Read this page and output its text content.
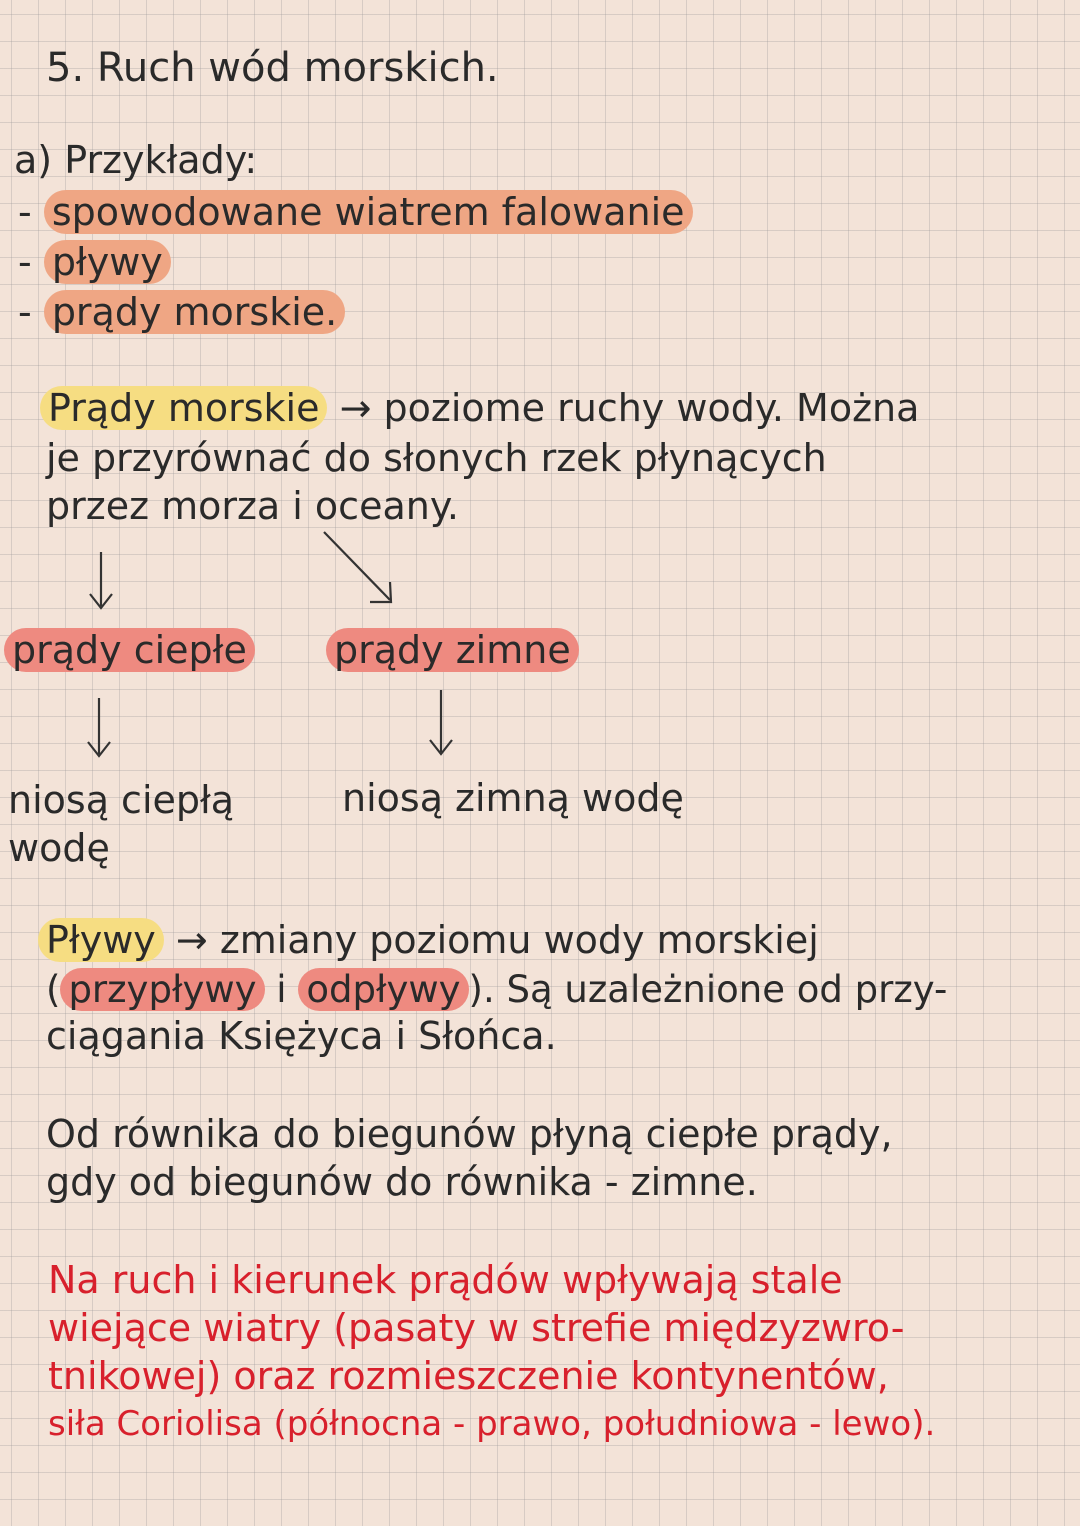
5. Ruch wód morskich.
a) Przykłady:
- spowodowane wiatrem falowanie
- pływy
- prądy morskie.
Prądy morskie → poziome ruchy wody. Można
je przyrównać do słonych rzek płynących
przez morza i oceany.
prądy ciepłe prądy zimne
niosą ciepłą
wodę
niosą zimną wodę
Pływy → zmiany poziomu wody morskiej
( przypływy i odpływy ). Są uzależnione od przy-
ciągania Księżyca i Słońca.
Od równika do biegunów płyną ciepłe prądy,
gdy od biegunów do równika - zimne.
Na ruch i kierunek prądów wpływają stale
wiejące wiatry (pasaty w strefie międzyzwro-
tnikowej) oraz rozmieszczenie kontynentów,
siła Coriolisa (północna - prawo, południowa - lewo).
